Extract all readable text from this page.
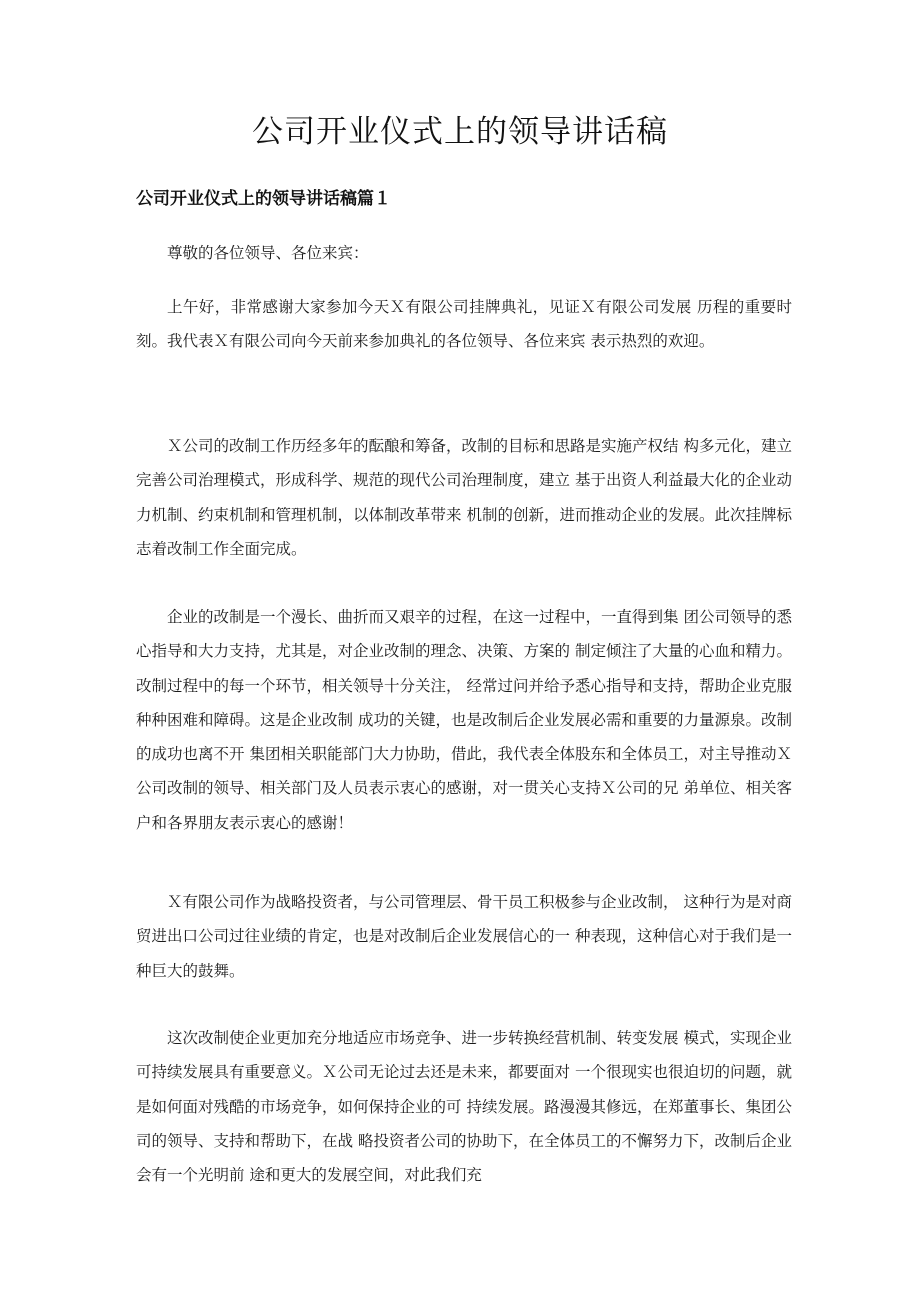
公司开业仪式上的领导讲话稿
公司开业仪式上的领导讲话稿篇１

尊敬的各位领导、各位来宾：

上午好，非常感谢大家参加今天Ｘ有限公司挂牌典礼，见证Ｘ有限公司发展 历程的重要时刻。我代表Ｘ有限公司向今天前来参加典礼的各位领导、各位来宾 表示热烈的欢迎。

Ｘ公司的改制工作历经多年的酝酿和筹备，改制的目标和思路是实施产权结 构多元化，建立完善公司治理模式，形成科学、规范的现代公司治理制度，建立 基于出资人利益最大化的企业动力机制、约束机制和管理机制，以体制改革带来 机制的创新，进而推动企业的发展。此次挂牌标志着改制工作全面完成。

企业的改制是一个漫长、曲折而又艰辛的过程，在这一过程中，一直得到集 团公司领导的悉心指导和大力支持，尤其是，对企业改制的理念、决策、方案的 制定倾注了大量的心血和精力。改制过程中的每一个环节，相关领导十分关注， 经常过问并给予悉心指导和支持，帮助企业克服种种困难和障碍。这是企业改制 成功的关键，也是改制后企业发展必需和重要的力量源泉。改制的成功也离不开 集团相关职能部门大力协助，借此，我代表全体股东和全体员工，对主导推动Ｘ 公司改制的领导、相关部门及人员表示衷心的感谢，对一贯关心支持Ｘ公司的兄 弟单位、相关客户和各界朋友表示衷心的感谢！

Ｘ有限公司作为战略投资者，与公司管理层、骨干员工积极参与企业改制， 这种行为是对商贸进出口公司过往业绩的肯定，也是对改制后企业发展信心的一 种表现，这种信心对于我们是一种巨大的鼓舞。

这次改制使企业更加充分地适应市场竞争、进一步转换经营机制、转变发展 模式，实现企业可持续发展具有重要意义。Ｘ公司无论过去还是未来，都要面对 一个很现实也很迫切的问题，就是如何面对残酷的市场竞争，如何保持企业的可 持续发展。路漫漫其修远，在郑董事长、集团公司的领导、支持和帮助下，在战 略投资者公司的协助下，在全体员工的不懈努力下，改制后企业会有一个光明前 途和更大的发展空间，对此我们充
